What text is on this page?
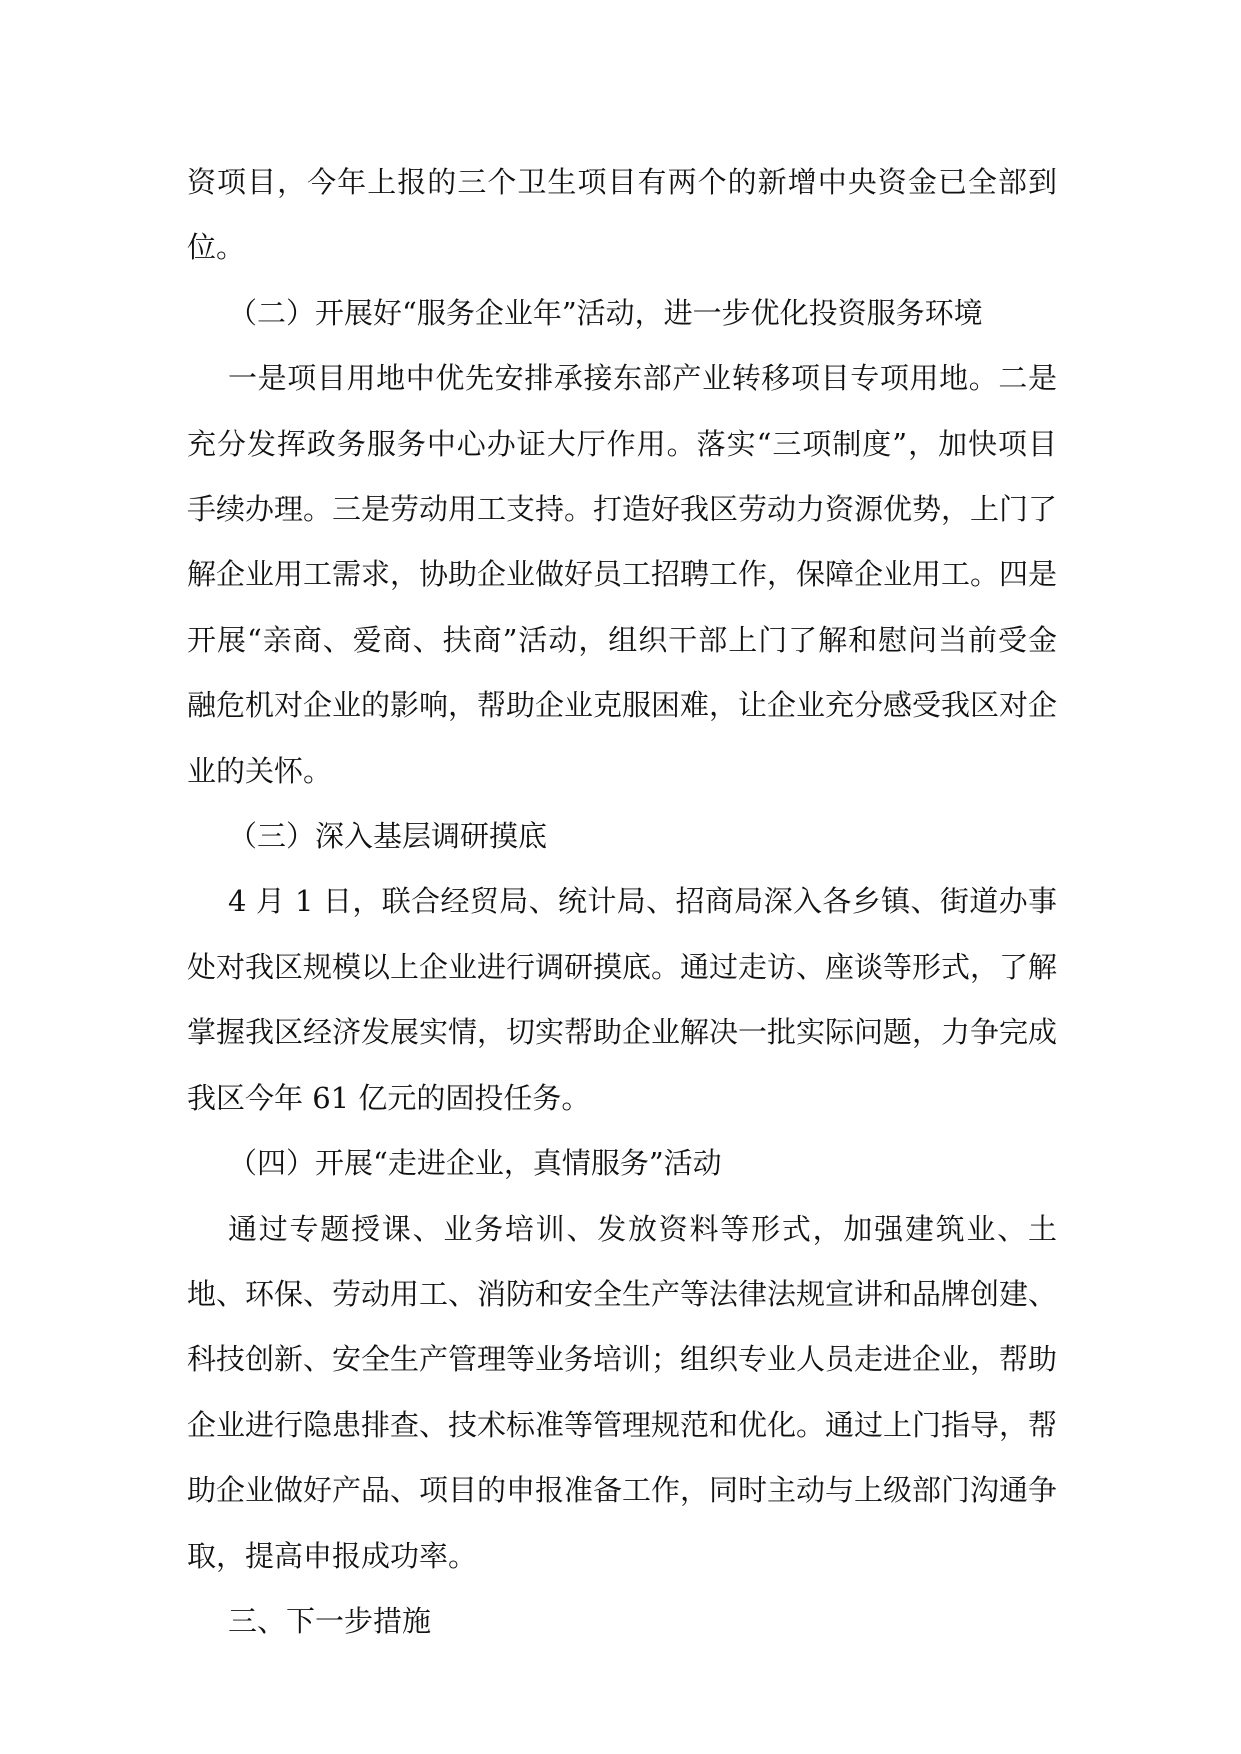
资项目，今年上报的三个卫生项目有两个的新增中央资金已全部到位。

（二）开展好“服务企业年”活动，进一步优化投资服务环境

一是项目用地中优先安排承接东部产业转移项目专项用地。二是充分发挥政务服务中心办证大厅作用。落实“三项制度”，加快项目手续办理。三是劳动用工支持。打造好我区劳动力资源优势，上门了解企业用工需求，协助企业做好员工招聘工作，保障企业用工。四是开展“亲商、爱商、扶商”活动，组织干部上门了解和慰问当前受金融危机对企业的影响，帮助企业克服困难，让企业充分感受我区对企业的关怀。

（三）深入基层调研摸底

4 月 1 日，联合经贸局、统计局、招商局深入各乡镇、街道办事处对我区规模以上企业进行调研摸底。通过走访、座谈等形式，了解掌握我区经济发展实情，切实帮助企业解决一批实际问题，力争完成我区今年 61 亿元的固投任务。

（四）开展“走进企业，真情服务”活动

通过专题授课、业务培训、发放资料等形式，加强建筑业、土地、环保、劳动用工、消防和安全生产等法律法规宣讲和品牌创建、科技创新、安全生产管理等业务培训；组织专业人员走进企业，帮助企业进行隐患排查、技术标准等管理规范和优化。通过上门指导，帮助企业做好产品、项目的申报准备工作，同时主动与上级部门沟通争取，提高申报成功率。

三、下一步措施
